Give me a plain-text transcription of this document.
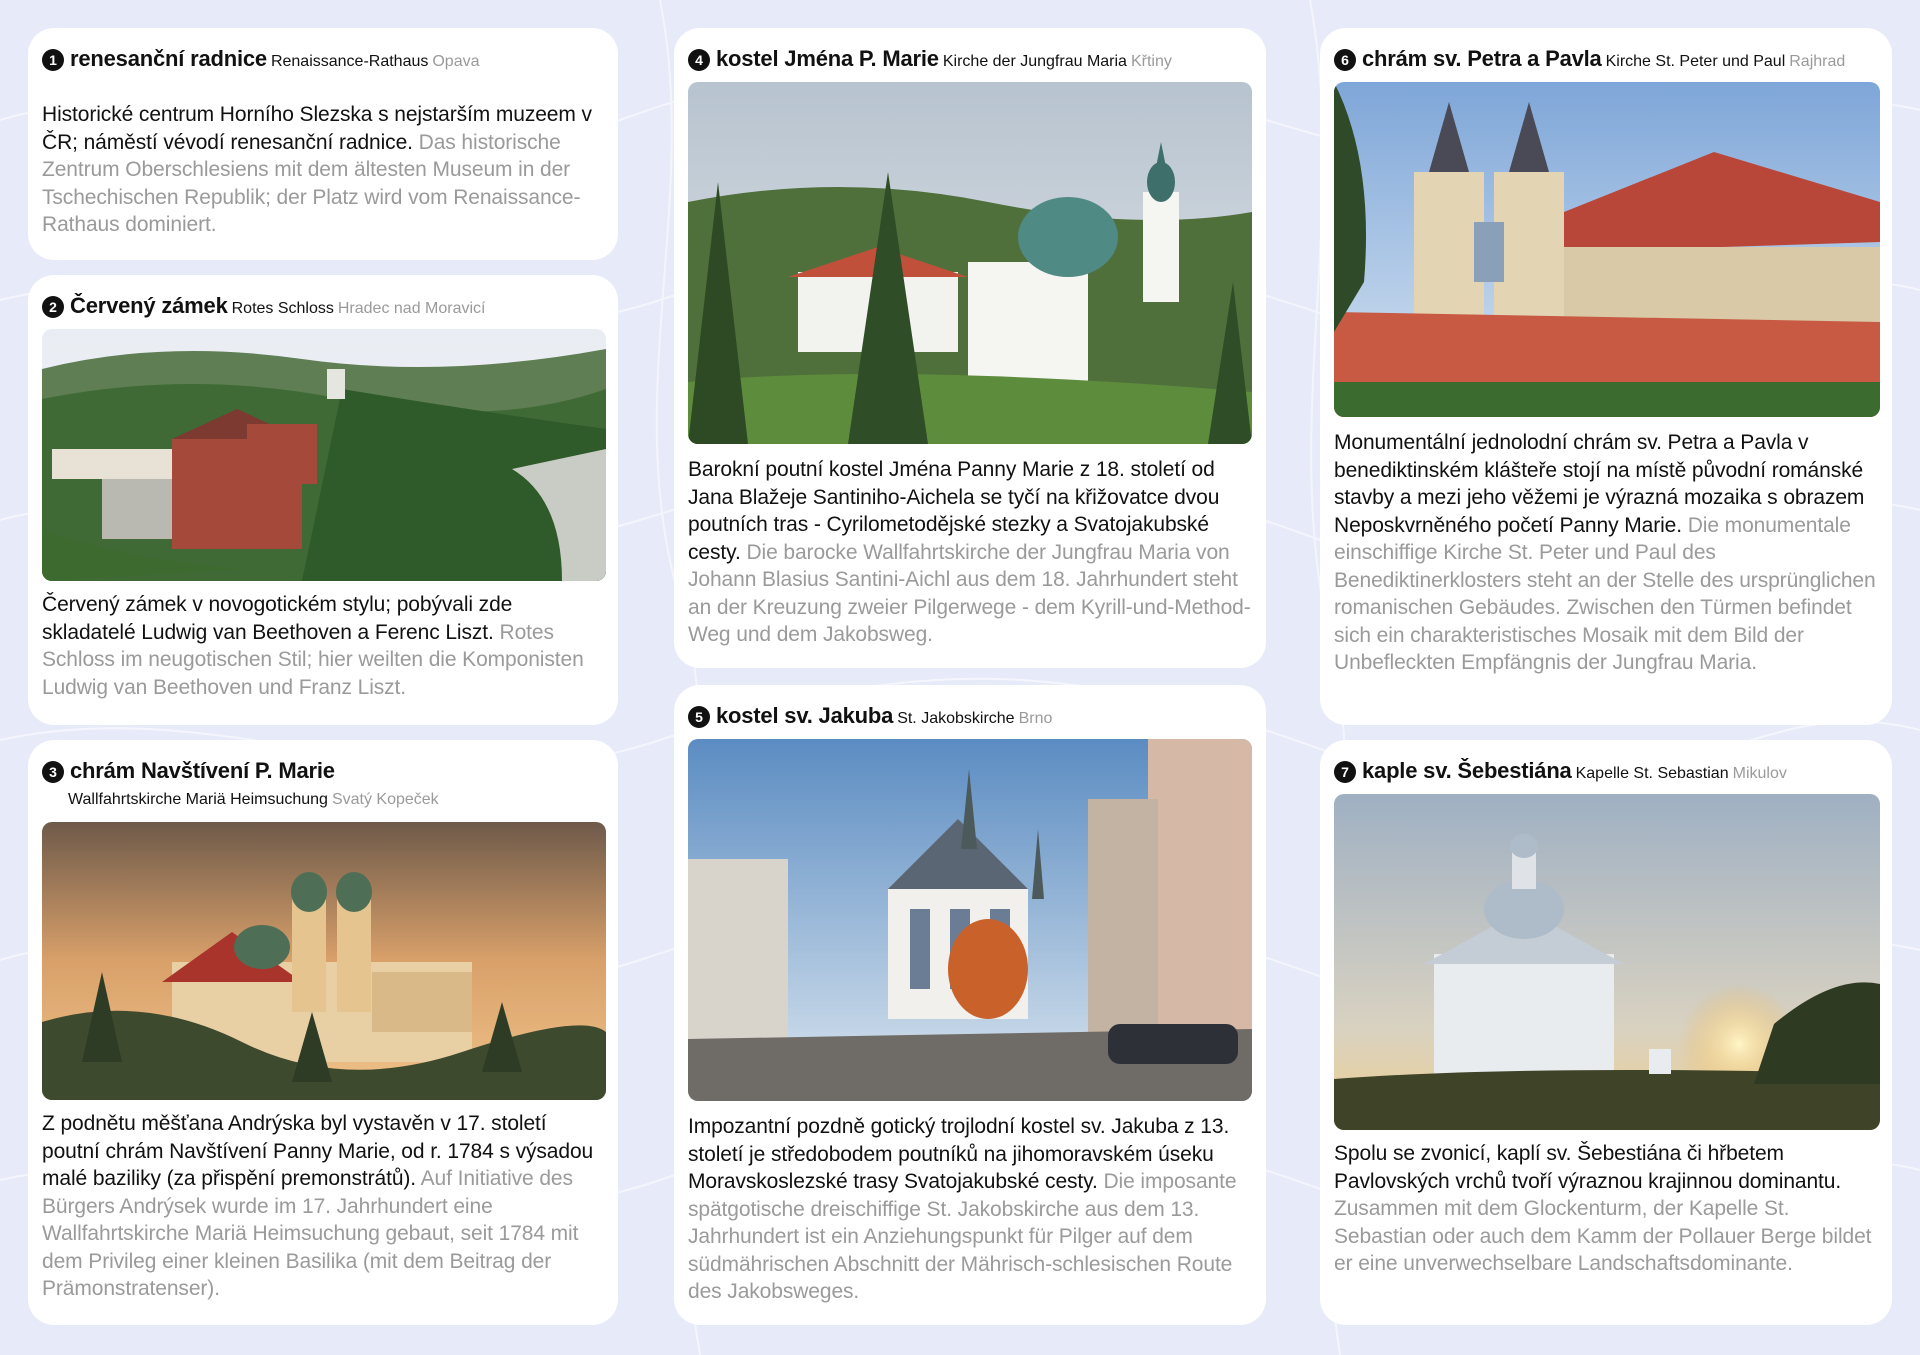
1 renesanční radnice Renaissance-Rathaus Opava
Historické centrum Horního Slezska s nejstarším muzeem v ČR; náměstí vévodí renesanční radnice. Das historische Zentrum Oberschlesiens mit dem ältesten Museum in der Tschechischen Republik; der Platz wird vom Renaissance-Rathaus dominiert.
2 Červený zámek Rotes Schloss Hradec nad Moravicí
Červený zámek v novogotickém stylu; pobývali zde skladatelé Ludwig van Beethoven a Ferenc Liszt. Rotes Schloss im neugotischen Stil; hier weilten die Komponisten Ludwig van Beethoven und Franz Liszt.
3 chrám Navštívení P. Marie
Wallfahrtskirche Mariä Heimsuchung Svatý Kopeček
Z podnětu měšťana Andrýska byl vystavěn v 17. století poutní chrám Navštívení Panny Marie, od r. 1784 s výsadou malé baziliky (za přispění premonstrátů). Auf Initiative des Bürgers Andrýsek wurde im 17. Jahrhundert eine Wallfahrtskirche Mariä Heimsuchung gebaut, seit 1784 mit dem Privileg einer kleinen Basilika (mit dem Beitrag der Prämonstratenser).
4 kostel Jména P. Marie Kirche der Jungfrau Maria Křtiny
Barokní poutní kostel Jména Panny Marie z 18. století od Jana Blažeje Santiniho-Aichela se tyčí na křižovatce dvou poutních tras - Cyrilometodějské stezky a Svatojakubské cesty. Die barocke Wallfahrtskirche der Jungfrau Maria von Johann Blasius Santini-Aichl aus dem 18. Jahrhundert steht an der Kreuzung zweier Pilgerwege - dem Kyrill-und-Method-Weg und dem Jakobsweg.
5 kostel sv. Jakuba St. Jakobskirche Brno
Impozantní pozdně gotický trojlodní kostel sv. Jakuba z 13. století je středobodem poutníků na jihomoravském úseku Moravskoslezské trasy Svatojakubské cesty. Die imposante spätgotische dreischiffige St. Jakobskirche aus dem 13. Jahrhundert ist ein Anziehungspunkt für Pilger auf dem südmährischen Abschnitt der Mährisch-schlesischen Route des Jakobsweges.
6 chrám sv. Petra a Pavla Kirche St. Peter und Paul Rajhrad
Monumentální jednolodní chrám sv. Petra a Pavla v benediktinském klášteře stojí na místě původní románské stavby a mezi jeho věžemi je výrazná mozaika s obrazem Neposkvrněného početí Panny Marie. Die monumentale einschiffige Kirche St. Peter und Paul des Benediktinerklosters steht an der Stelle des ursprünglichen romanischen Gebäudes. Zwischen den Türmen befindet sich ein charakteristisches Mosaik mit dem Bild der Unbefleckten Empfängnis der Jungfrau Maria.
7 kaple sv. Šebestiána Kapelle St. Sebastian Mikulov
Spolu se zvonicí, kaplí sv. Šebestiána či hřbetem Pavlovských vrchů tvoří výraznou krajinnou dominantu. Zusammen mit dem Glockenturm, der Kapelle St. Sebastian oder auch dem Kamm der Pollauer Berge bildet er eine unverwechselbare Landschaftsdominante.
